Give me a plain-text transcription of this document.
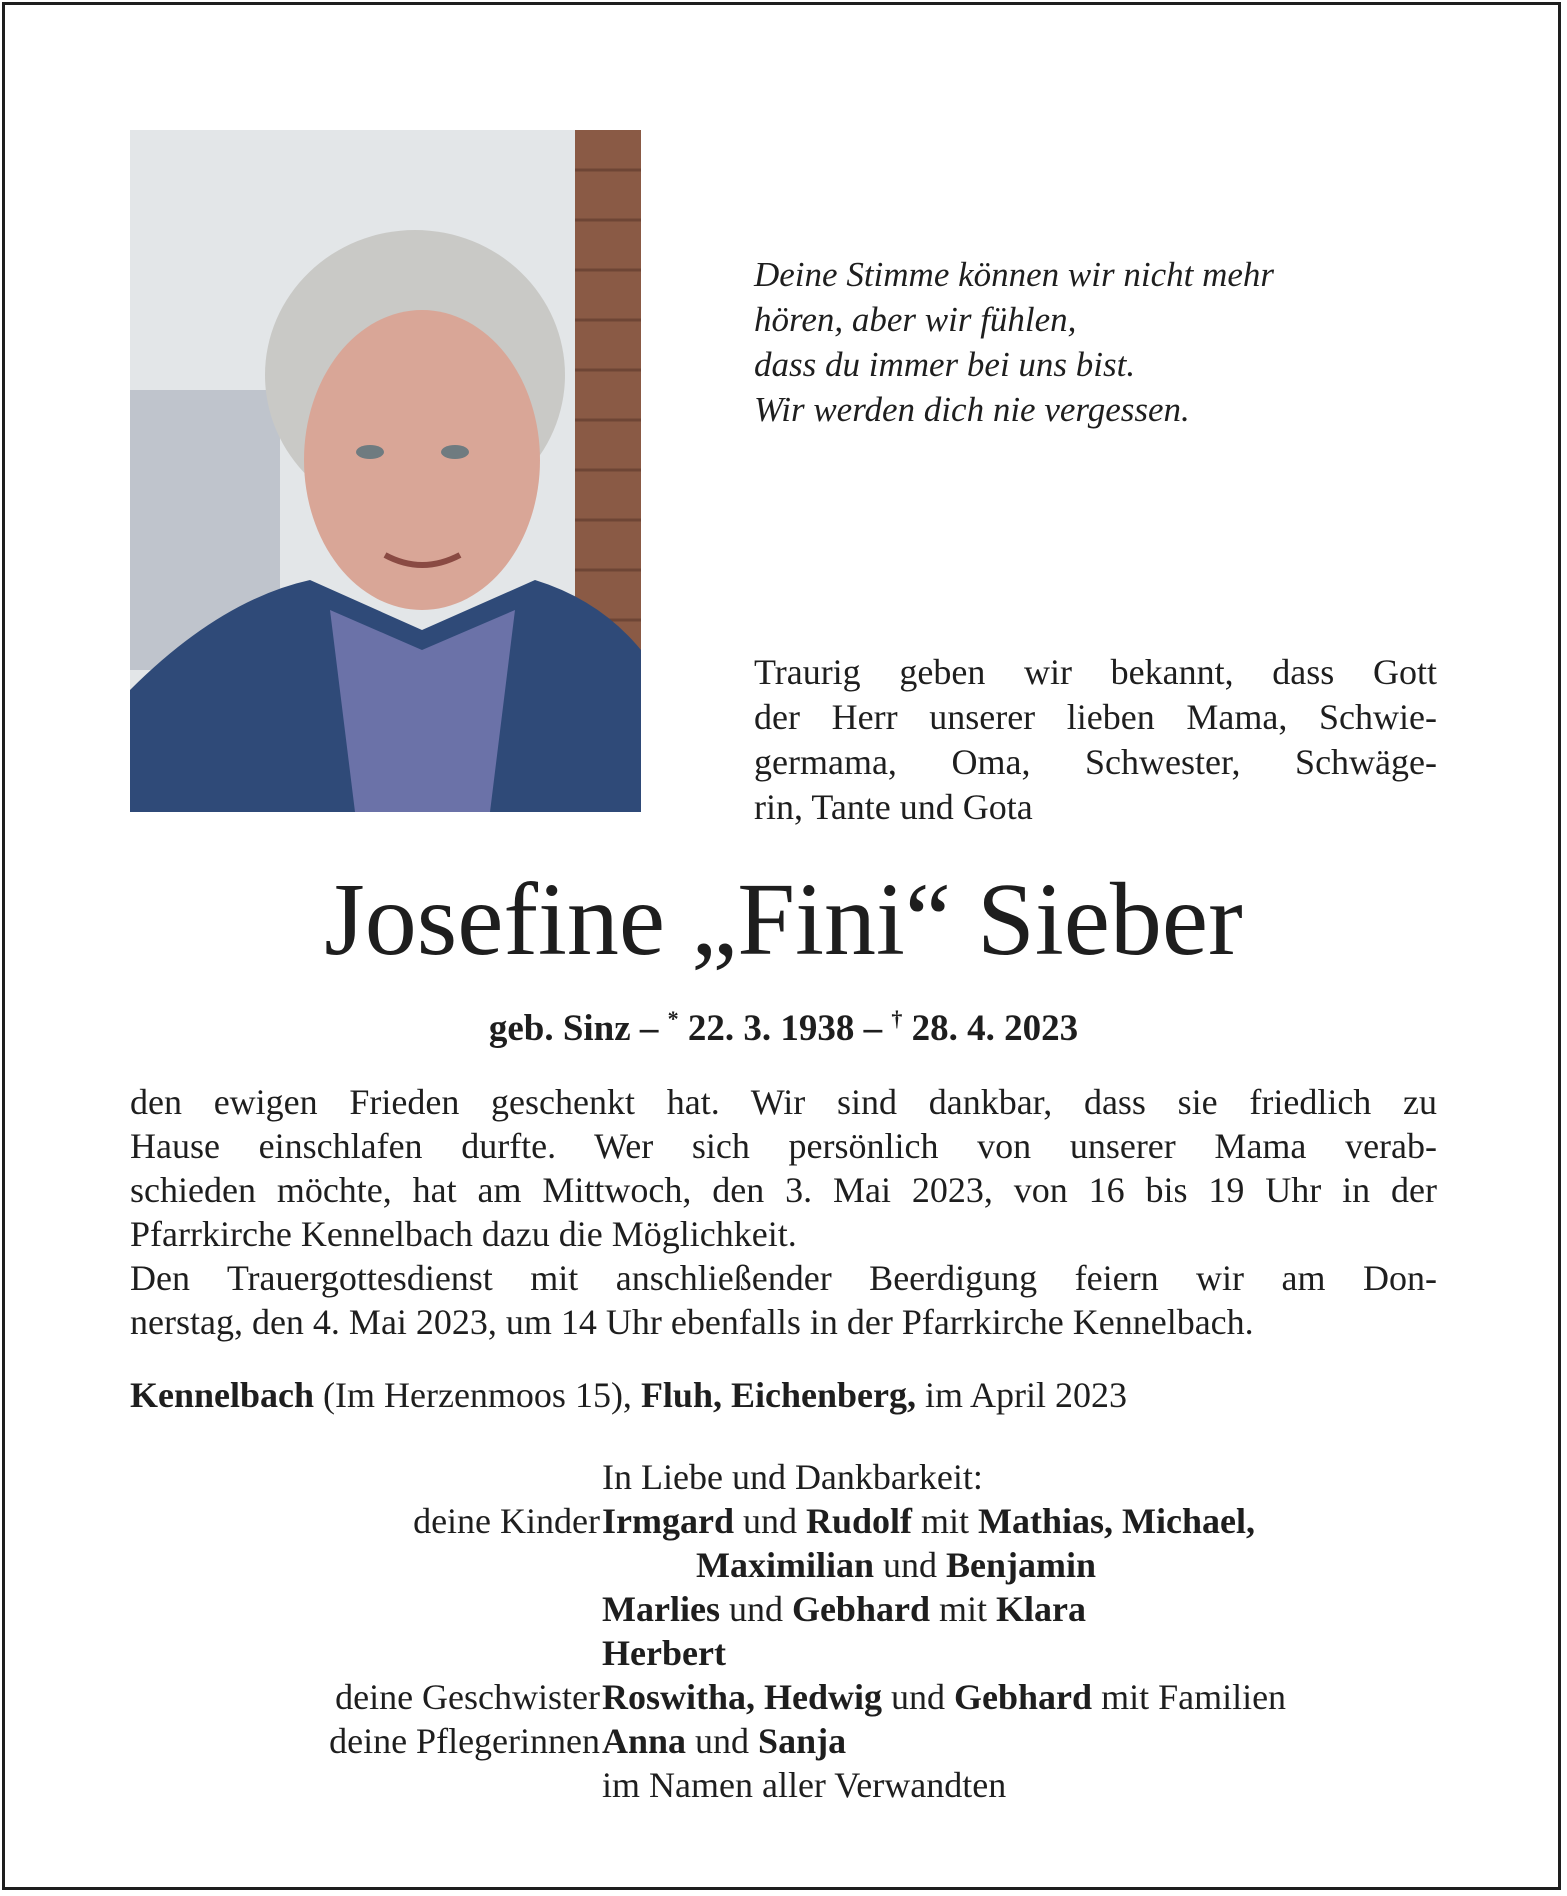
Deine Stimme können wir nicht mehr
hören, aber wir fühlen,
dass du immer bei uns bist.
Wir werden dich nie vergessen.
Traurig geben wir bekannt, dass Gott
der Herr unserer lieben Mama, Schwie-
germama, Oma, Schwester, Schwäge-
rin, Tante und Gota
Josefine „Fini“ Sieber
geb. Sinz – * 22. 3. 1938 – † 28. 4. 2023
den ewigen Frieden geschenkt hat. Wir sind dankbar, dass sie friedlich zu
Hause einschlafen durfte. Wer sich persönlich von unserer Mama verab-
schieden möchte, hat am Mittwoch, den 3. Mai 2023, von 16 bis 19 Uhr in der
Pfarrkirche Kennelbach dazu die Möglichkeit.
Den Trauergottesdienst mit anschließender Beerdigung feiern wir am Don-
nerstag, den 4. Mai 2023, um 14 Uhr ebenfalls in der Pfarrkirche Kennelbach.
Kennelbach (Im Herzenmoos 15), Fluh, Eichenberg, im April 2023
In Liebe und Dankbarkeit:
deine Kinder Irmgard und Rudolf mit Mathias, Michael,
Maximilian und Benjamin
Marlies und Gebhard mit Klara
Herbert
deine Geschwister Roswitha, Hedwig und Gebhard mit Familien
deine Pflegerinnen Anna und Sanja
im Namen aller Verwandten
